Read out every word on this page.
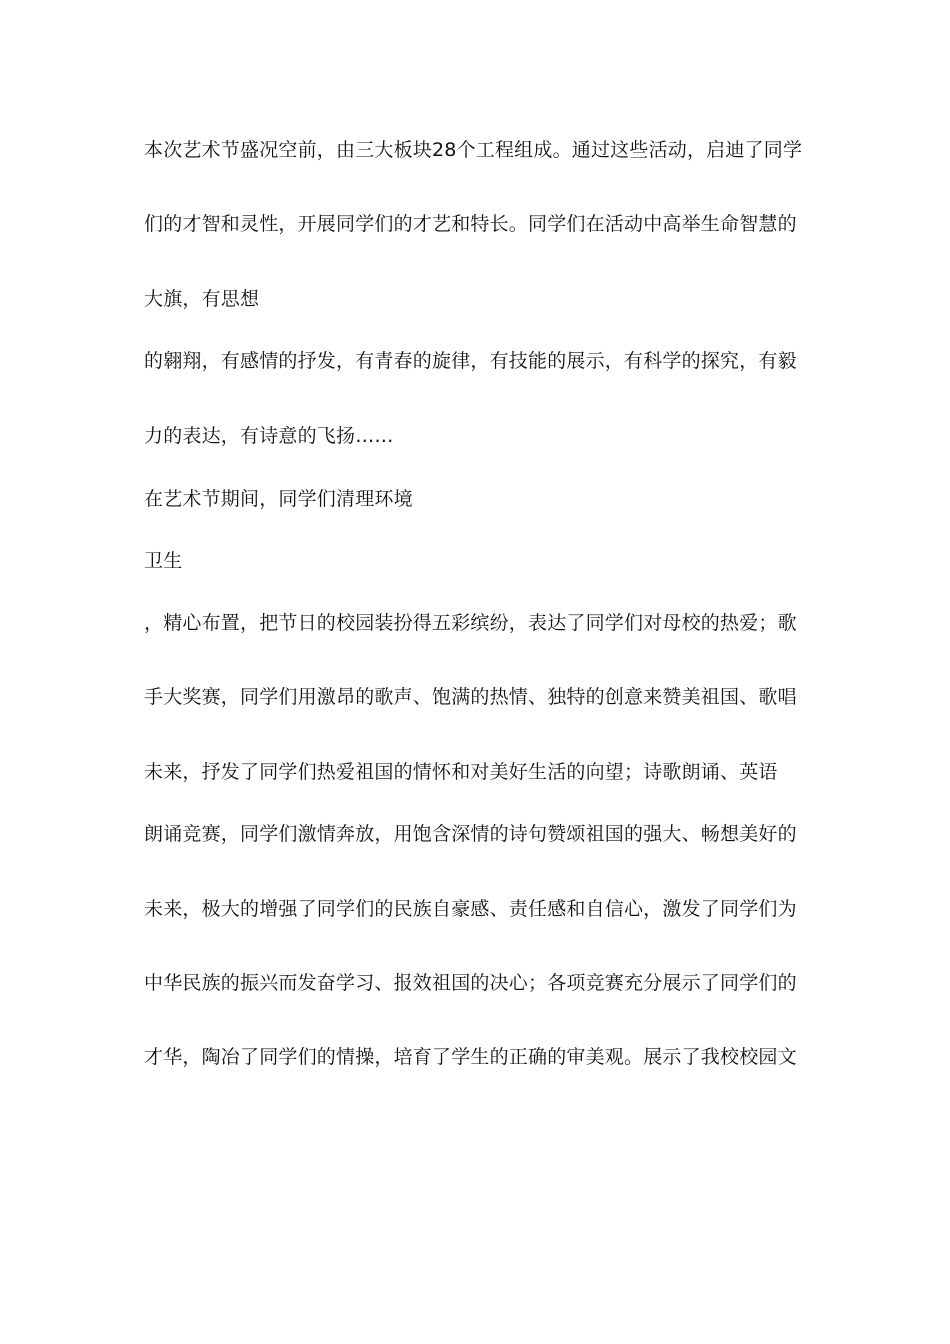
本次艺术节盛况空前，由三大板块28个工程组成。通过这些活动，启迪了同学
们的才智和灵性，开展同学们的才艺和特长。同学们在活动中高举生命智慧的
大旗，有思想
的翱翔，有感情的抒发，有青春的旋律，有技能的展示，有科学的探究，有毅
力的表达，有诗意的飞扬……
在艺术节期间，同学们清理环境
卫生
，精心布置，把节日的校园装扮得五彩缤纷，表达了同学们对母校的热爱；歌
手大奖赛，同学们用激昂的歌声、饱满的热情、独特的创意来赞美祖国、歌唱
未来，抒发了同学们热爱祖国的情怀和对美好生活的向望；诗歌朗诵、英语
朗诵竞赛，同学们激情奔放，用饱含深情的诗句赞颂祖国的强大、畅想美好的
未来，极大的增强了同学们的民族自豪感、责任感和自信心，激发了同学们为
中华民族的振兴而发奋学习、报效祖国的决心；各项竞赛充分展示了同学们的
才华，陶冶了同学们的情操，培育了学生的正确的审美观。展示了我校校园文
